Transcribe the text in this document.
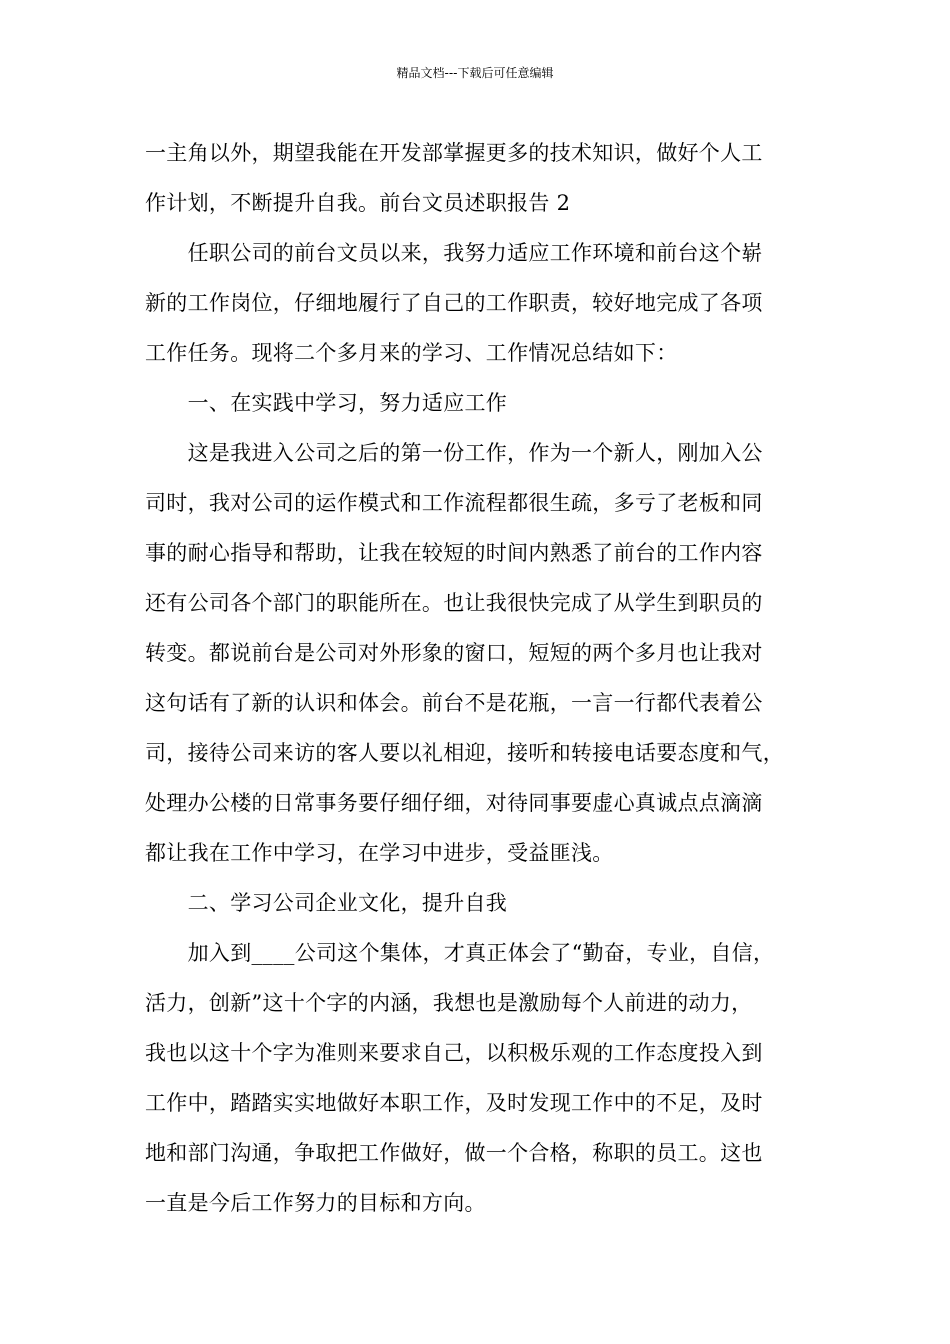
精品文档---下载后可任意编辑
一主角以外，期望我能在开发部掌握更多的技术知识，做好个人工
作计划，不断提升自我。前台文员述职报告 2
　　任职公司的前台文员以来，我努力适应工作环境和前台这个崭
新的工作岗位，仔细地履行了自己的工作职责，较好地完成了各项
工作任务。现将二个多月来的学习、工作情况总结如下：
　　一、在实践中学习，努力适应工作
　　这是我进入公司之后的第一份工作，作为一个新人，刚加入公
司时，我对公司的运作模式和工作流程都很生疏，多亏了老板和同
事的耐心指导和帮助，让我在较短的时间内熟悉了前台的工作内容
还有公司各个部门的职能所在。也让我很快完成了从学生到职员的
转变。都说前台是公司对外形象的窗口，短短的两个多月也让我对
这句话有了新的认识和体会。前台不是花瓶，一言一行都代表着公
司，接待公司来访的客人要以礼相迎，接听和转接电话要态度和气，
处理办公楼的日常事务要仔细仔细，对待同事要虚心真诚点点滴滴
都让我在工作中学习，在学习中进步，受益匪浅。
　　二、学习公司企业文化，提升自我
　　加入到____公司这个集体，才真正体会了“勤奋，专业，自信，
活力，创新”这十个字的内涵，我想也是激励每个人前进的动力，
我也以这十个字为准则来要求自己，以积极乐观的工作态度投入到
工作中，踏踏实实地做好本职工作，及时发现工作中的不足，及时
地和部门沟通，争取把工作做好，做一个合格，称职的员工。这也
一直是今后工作努力的目标和方向。
